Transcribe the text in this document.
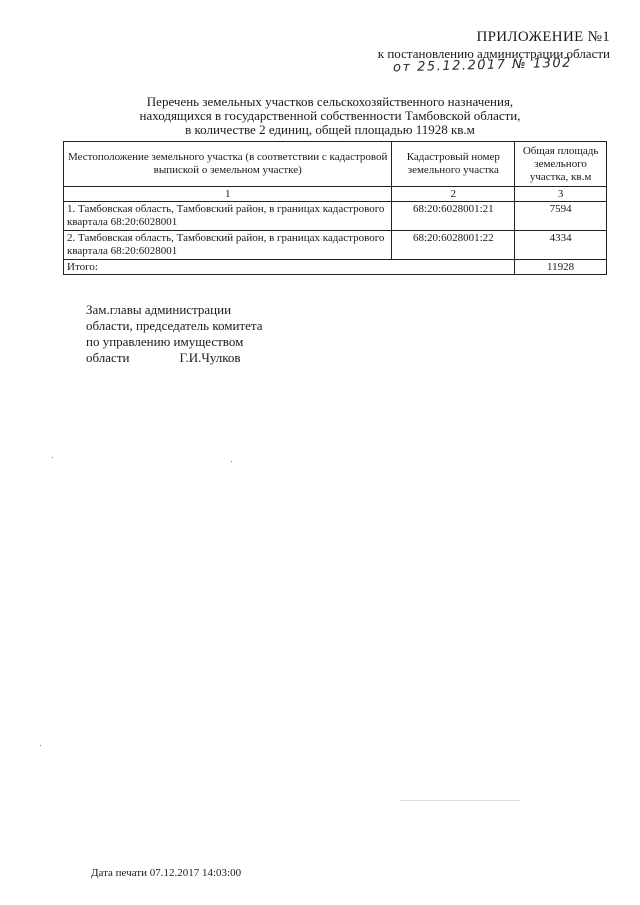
ПРИЛОЖЕНИЕ №1
к постановлению администрации области
от 25.12.2017 № 1302
Перечень земельных участков сельскохозяйственного назначения,
находящихся в государственной собственности Тамбовской области,
в количестве 2 единиц, общей площадью 11928 кв.м
Местоположение земельного участка (в соответствии с кадастровой выпиской о земельном участке)	Кадастровый номер земельного участка	Общая площадь земельного участка, кв.м
1	2	3
1. Тамбовская область, Тамбовский район, в границах кадастрового квартала 68:20:6028001	68:20:6028001:21	7594
2. Тамбовская область, Тамбовский район, в границах кадастрового квартала 68:20:6028001	68:20:6028001:22	4334
Итого:		11928
Зам.главы администрации
области, председатель комитета
по управлению имуществом
области	Г.И.Чулков
Дата печати 07.12.2017 14:03:00
